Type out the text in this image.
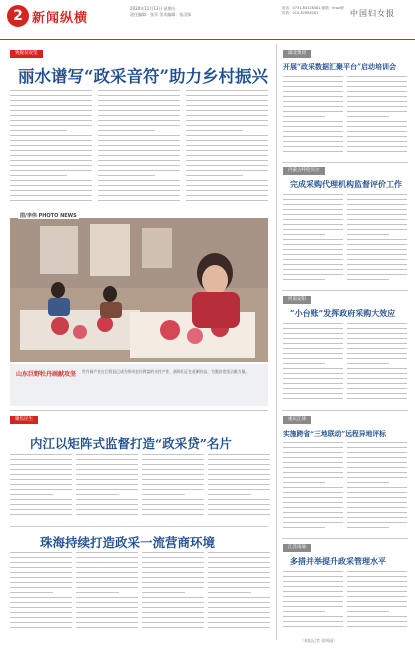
2 新闻纵横
2020年11月13日 星期五
责任编辑：张军 美术编辑：张汉锋
电话：0731-84326381 邮箱：hnsa@
传真：010-87658281	中国妇女报
致脱贫攻坚
丽水谱写“政采音符”助力乡村振兴
图/李伟 PHOTO NEWS
山东巨野牡丹画献攻坚 牡丹画产业在巨野县已成为带动农民致富的支柱产业，画师们正在赶制作品，为脱贫攻坚贡献力量。
聚焦民生
内江以矩阵式监督打造“政采贷”名片
珠海持续打造政采一流营商环境
湖北黄冈
开展“政采数据汇聚平台”启动培训会
内蒙古呼伦贝尔
完成采购代理机构监督评价工作
河南安阳
“小台账”发挥政府采购大效应
重庆江津
实施跨省“三地联动”远程异地评标
江苏南通
多措并举提升政采管理水平
（本报记者 张明丽）
